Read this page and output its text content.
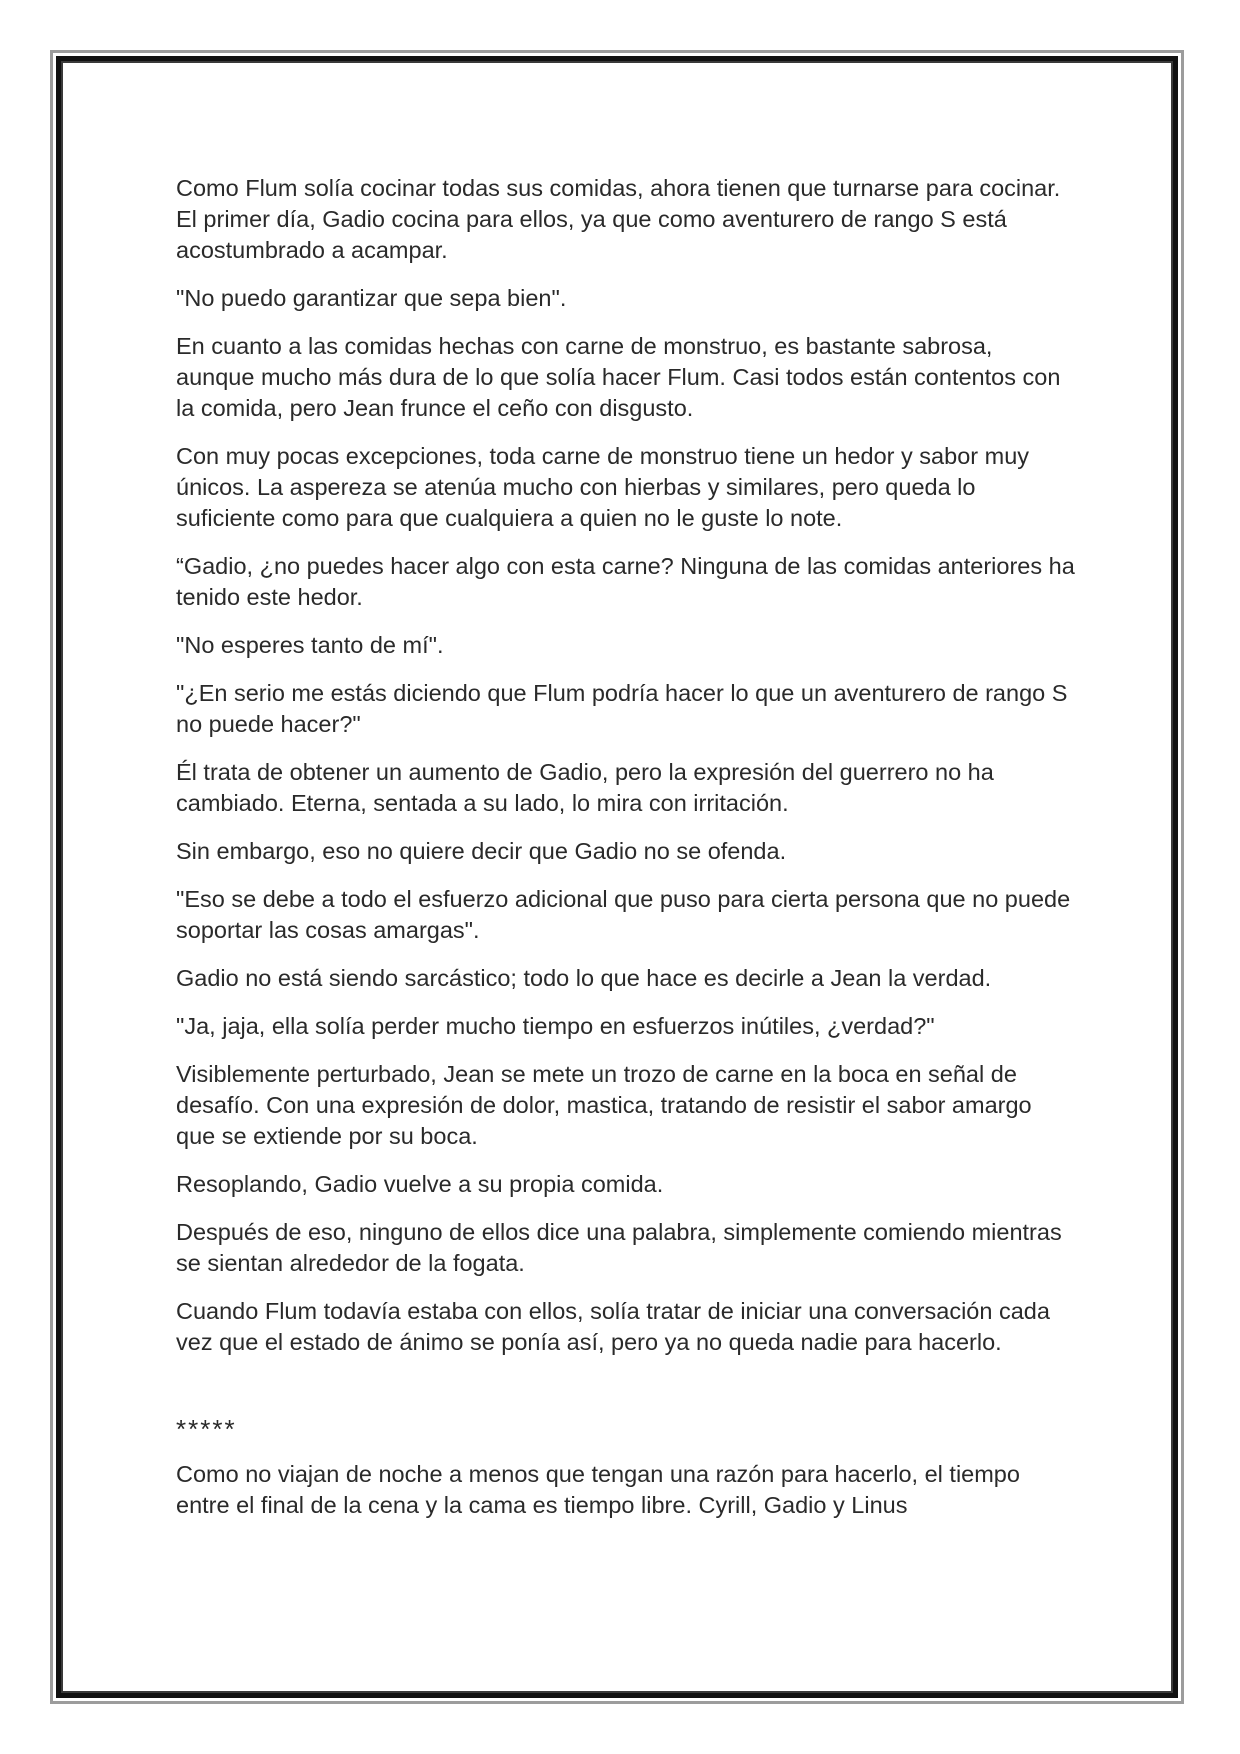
Como Flum solía cocinar todas sus comidas, ahora tienen que turnarse para cocinar. El primer día, Gadio cocina para ellos, ya que como aventurero de rango S está acostumbrado a acampar.

"No puedo garantizar que sepa bien".

En cuanto a las comidas hechas con carne de monstruo, es bastante sabrosa, aunque mucho más dura de lo que solía hacer Flum. Casi todos están contentos con la comida, pero Jean frunce el ceño con disgusto.

Con muy pocas excepciones, toda carne de monstruo tiene un hedor y sabor muy únicos. La aspereza se atenúa mucho con hierbas y similares, pero queda lo suficiente como para que cualquiera a quien no le guste lo note.

“Gadio, ¿no puedes hacer algo con esta carne? Ninguna de las comidas anteriores ha tenido este hedor.

"No esperes tanto de mí".

"¿En serio me estás diciendo que Flum podría hacer lo que un aventurero de rango S no puede hacer?"

Él trata de obtener un aumento de Gadio, pero la expresión del guerrero no ha cambiado. Eterna, sentada a su lado, lo mira con irritación.

Sin embargo, eso no quiere decir que Gadio no se ofenda.

"Eso se debe a todo el esfuerzo adicional que puso para cierta persona que no puede soportar las cosas amargas".

Gadio no está siendo sarcástico; todo lo que hace es decirle a Jean la verdad.

"Ja, jaja, ella solía perder mucho tiempo en esfuerzos inútiles, ¿verdad?"

Visiblemente perturbado, Jean se mete un trozo de carne en la boca en señal de desafío. Con una expresión de dolor, mastica, tratando de resistir el sabor amargo que se extiende por su boca.

Resoplando, Gadio vuelve a su propia comida.

Después de eso, ninguno de ellos dice una palabra, simplemente comiendo mientras se sientan alrededor de la fogata.

Cuando Flum todavía estaba con ellos, solía tratar de iniciar una conversación cada vez que el estado de ánimo se ponía así, pero ya no queda nadie para hacerlo.

*****

Como no viajan de noche a menos que tengan una razón para hacerlo, el tiempo entre el final de la cena y la cama es tiempo libre. Cyrill, Gadio y Linus
